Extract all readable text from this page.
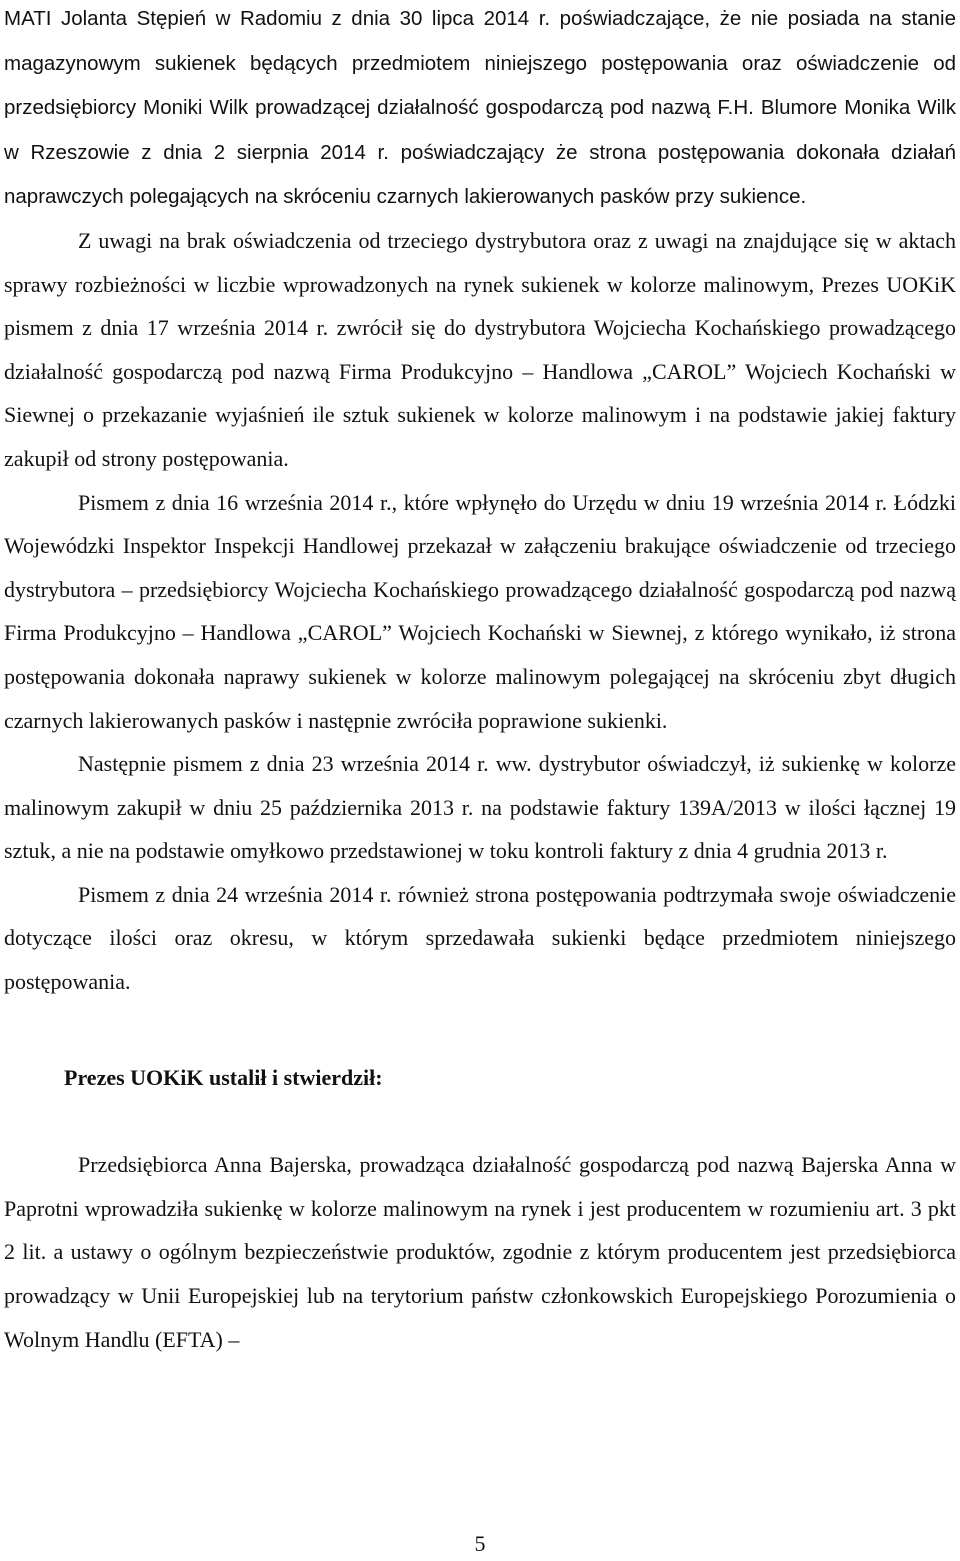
MATI Jolanta Stępień w Radomiu z dnia 30 lipca 2014 r. poświadczające, że nie posiada na stanie magazynowym sukienek będących przedmiotem niniejszego postępowania oraz oświadczenie od przedsiębiorcy Moniki Wilk prowadzącej działalność gospodarczą pod nazwą F.H. Blumore Monika Wilk w Rzeszowie z dnia 2 sierpnia 2014 r. poświadczający że strona postępowania dokonała działań naprawczych polegających na skróceniu czarnych lakierowanych pasków przy sukience.

Z uwagi na brak oświadczenia od trzeciego dystrybutora oraz z uwagi na znajdujące się w aktach sprawy rozbieżności w liczbie wprowadzonych na rynek sukienek w kolorze malinowym, Prezes UOKiK pismem z dnia 17 września 2014 r. zwrócił się do dystrybutora Wojciecha Kochańskiego prowadzącego działalność gospodarczą pod nazwą Firma Produkcyjno – Handlowa „CAROL” Wojciech Kochański w Siewnej o przekazanie wyjaśnień ile sztuk sukienek w kolorze malinowym i na podstawie jakiej faktury zakupił od strony postępowania.

Pismem z dnia 16 września 2014 r., które wpłynęło do Urzędu w dniu 19 września 2014 r. Łódzki Wojewódzki Inspektor Inspekcji Handlowej przekazał w załączeniu brakujące oświadczenie od trzeciego dystrybutora – przedsiębiorcy Wojciecha Kochańskiego prowadzącego działalność gospodarczą pod nazwą Firma Produkcyjno – Handlowa „CAROL” Wojciech Kochański w Siewnej, z którego wynikało, iż strona postępowania dokonała naprawy sukienek w kolorze malinowym polegającej na skróceniu zbyt długich czarnych lakierowanych pasków i następnie zwróciła poprawione sukienki.

Następnie pismem z dnia 23 września 2014 r. ww. dystrybutor oświadczył, iż sukienkę w kolorze malinowym zakupił w dniu 25 października 2013 r. na podstawie faktury 139A/2013 w ilości łącznej 19 sztuk, a nie na podstawie omyłkowo przedstawionej w toku kontroli faktury z dnia 4 grudnia 2013 r.

Pismem z dnia 24 września 2014 r. również strona postępowania podtrzymała swoje oświadczenie dotyczące ilości oraz okresu, w którym sprzedawała sukienki będące przedmiotem niniejszego postępowania.

Prezes UOKiK ustalił i stwierdził:

Przedsiębiorca Anna Bajerska, prowadząca działalność gospodarczą pod nazwą Bajerska Anna w Paprotni wprowadziła sukienkę w kolorze malinowym na rynek i jest producentem w rozumieniu art. 3 pkt 2 lit. a ustawy o ogólnym bezpieczeństwie produktów, zgodnie z którym producentem jest przedsiębiorca prowadzący w Unii Europejskiej lub na terytorium państw członkowskich Europejskiego Porozumienia o Wolnym Handlu (EFTA) –

5
